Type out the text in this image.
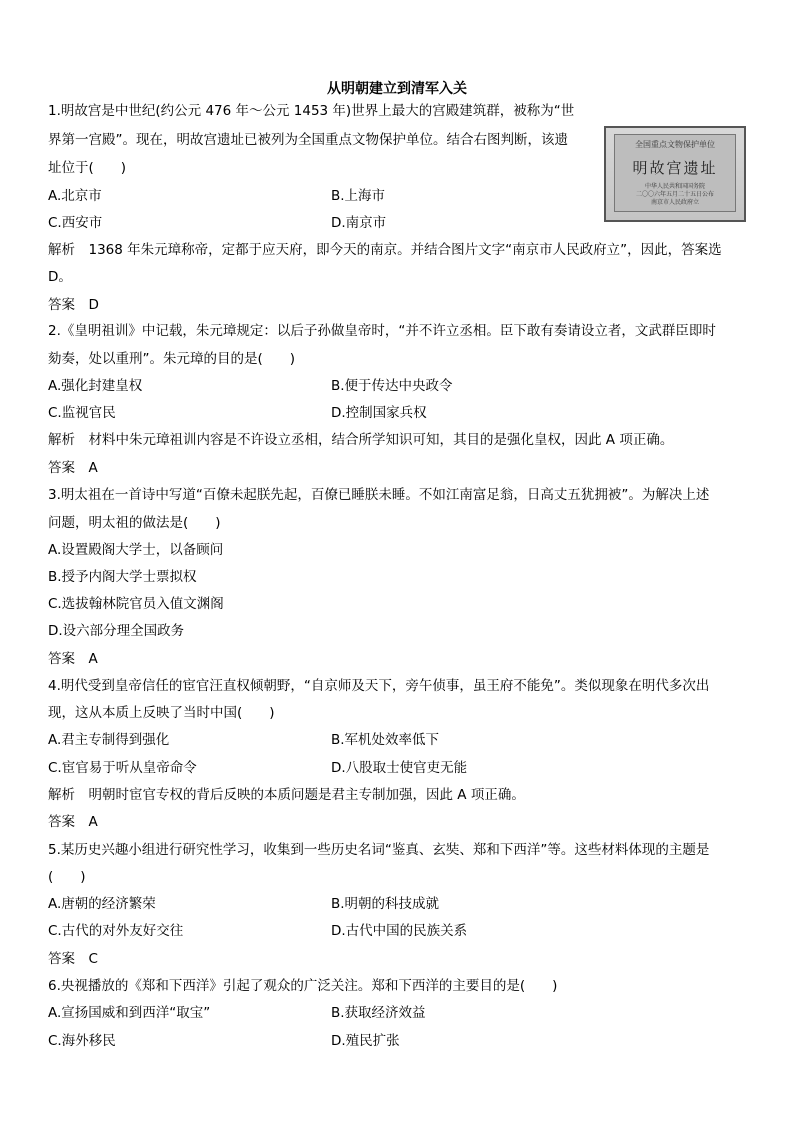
从明朝建立到清军入关
1.明故宫是中世纪(约公元 476 年～公元 1453 年)世界上最大的宫殿建筑群，被称为“世
界第一宫殿”。现在，明故宫遗址已被列为全国重点文物保护单位。结合右图判断，该遗
址位于(　　)
全国重点文物保护单位
明故宫遗址
中华人民共和国国务院
二〇〇六年五月二十五日公布
南京市人民政府立
A.北京市	B.上海市
C.西安市	D.南京市
解析　1368 年朱元璋称帝，定都于应天府，即今天的南京。并结合图片文字“南京市人民政府立”，因此，答案选
D。
答案　D
2.《皇明祖训》中记载，朱元璋规定：以后子孙做皇帝时，“并不许立丞相。臣下敢有奏请设立者，文武群臣即时
劾奏，处以重刑”。朱元璋的目的是(　　)
A.强化封建皇权	B.便于传达中央政令
C.监视官民	D.控制国家兵权
解析　材料中朱元璋祖训内容是不许设立丞相，结合所学知识可知，其目的是强化皇权，因此 A 项正确。
答案　A
3.明太祖在一首诗中写道“百僚未起朕先起，百僚已睡朕未睡。不如江南富足翁，日高丈五犹拥被”。为解决上述
问题，明太祖的做法是(　　)
A.设置殿阁大学士，以备顾问
B.授予内阁大学士票拟权
C.选拔翰林院官员入值文渊阁
D.设六部分理全国政务
答案　A
4.明代受到皇帝信任的宦官汪直权倾朝野，“自京师及天下，旁午侦事，虽王府不能免”。类似现象在明代多次出
现，这从本质上反映了当时中国(　　)
A.君主专制得到强化	B.军机处效率低下
C.宦官易于听从皇帝命令	D.八股取士使官吏无能
解析　明朝时宦官专权的背后反映的本质问题是君主专制加强，因此 A 项正确。
答案　A
5.某历史兴趣小组进行研究性学习，收集到一些历史名词“鉴真、玄奘、郑和下西洋”等。这些材料体现的主题是
(　　)
A.唐朝的经济繁荣	B.明朝的科技成就
C.古代的对外友好交往	D.古代中国的民族关系
答案　C
6.央视播放的《郑和下西洋》引起了观众的广泛关注。郑和下西洋的主要目的是(　　)
A.宣扬国威和到西洋“取宝”	B.获取经济效益
C.海外移民	D.殖民扩张
